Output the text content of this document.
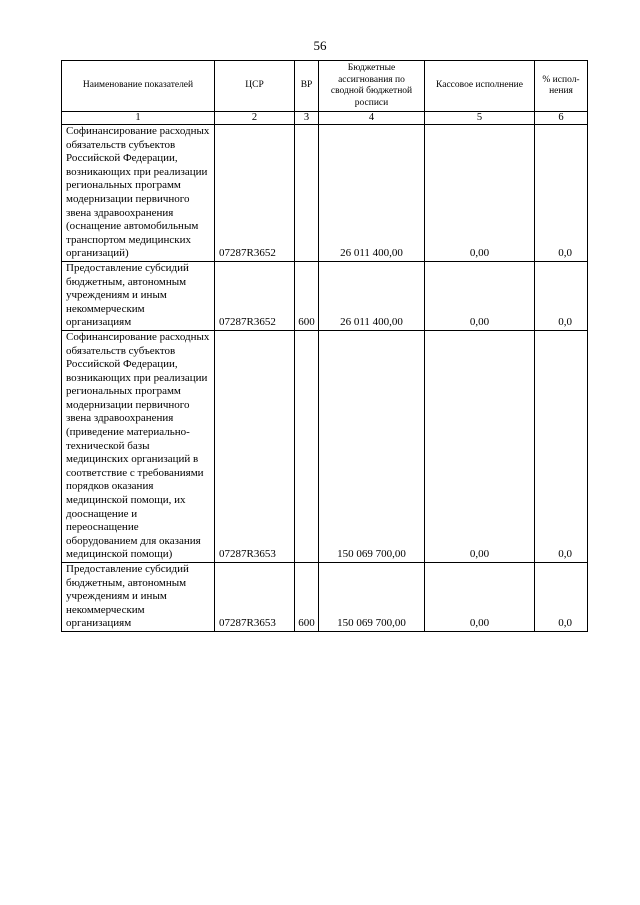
56
Наименование показателей	ЦСР	ВР	Бюджетные ассигнования по сводной бюджетной росписи	Кассовое исполнение	% испол-нения
1	2	3	4	5	6
Софинансирование расходных обязательств субъектов Российской Федерации, возникающих при реализации региональных программ модернизации первичного звена здравоохранения (оснащение автомобильным транспортом медицинских организаций)	07287R3652		26 011 400,00	0,00	0,0
Предоставление субсидий бюджетным, автономным учреждениям и иным некоммерческим организациям	07287R3652	600	26 011 400,00	0,00	0,0
Софинансирование расходных обязательств субъектов Российской Федерации, возникающих при реализации региональных программ модернизации первичного звена здравоохранения (приведение материально-технической базы медицинских организаций в соответствие с требованиями порядков оказания медицинской помощи, их дооснащение и переоснащение оборудованием для оказания медицинской помощи)	07287R3653		150 069 700,00	0,00	0,0
Предоставление субсидий бюджетным, автономным учреждениям и иным некоммерческим организациям	07287R3653	600	150 069 700,00	0,00	0,0
